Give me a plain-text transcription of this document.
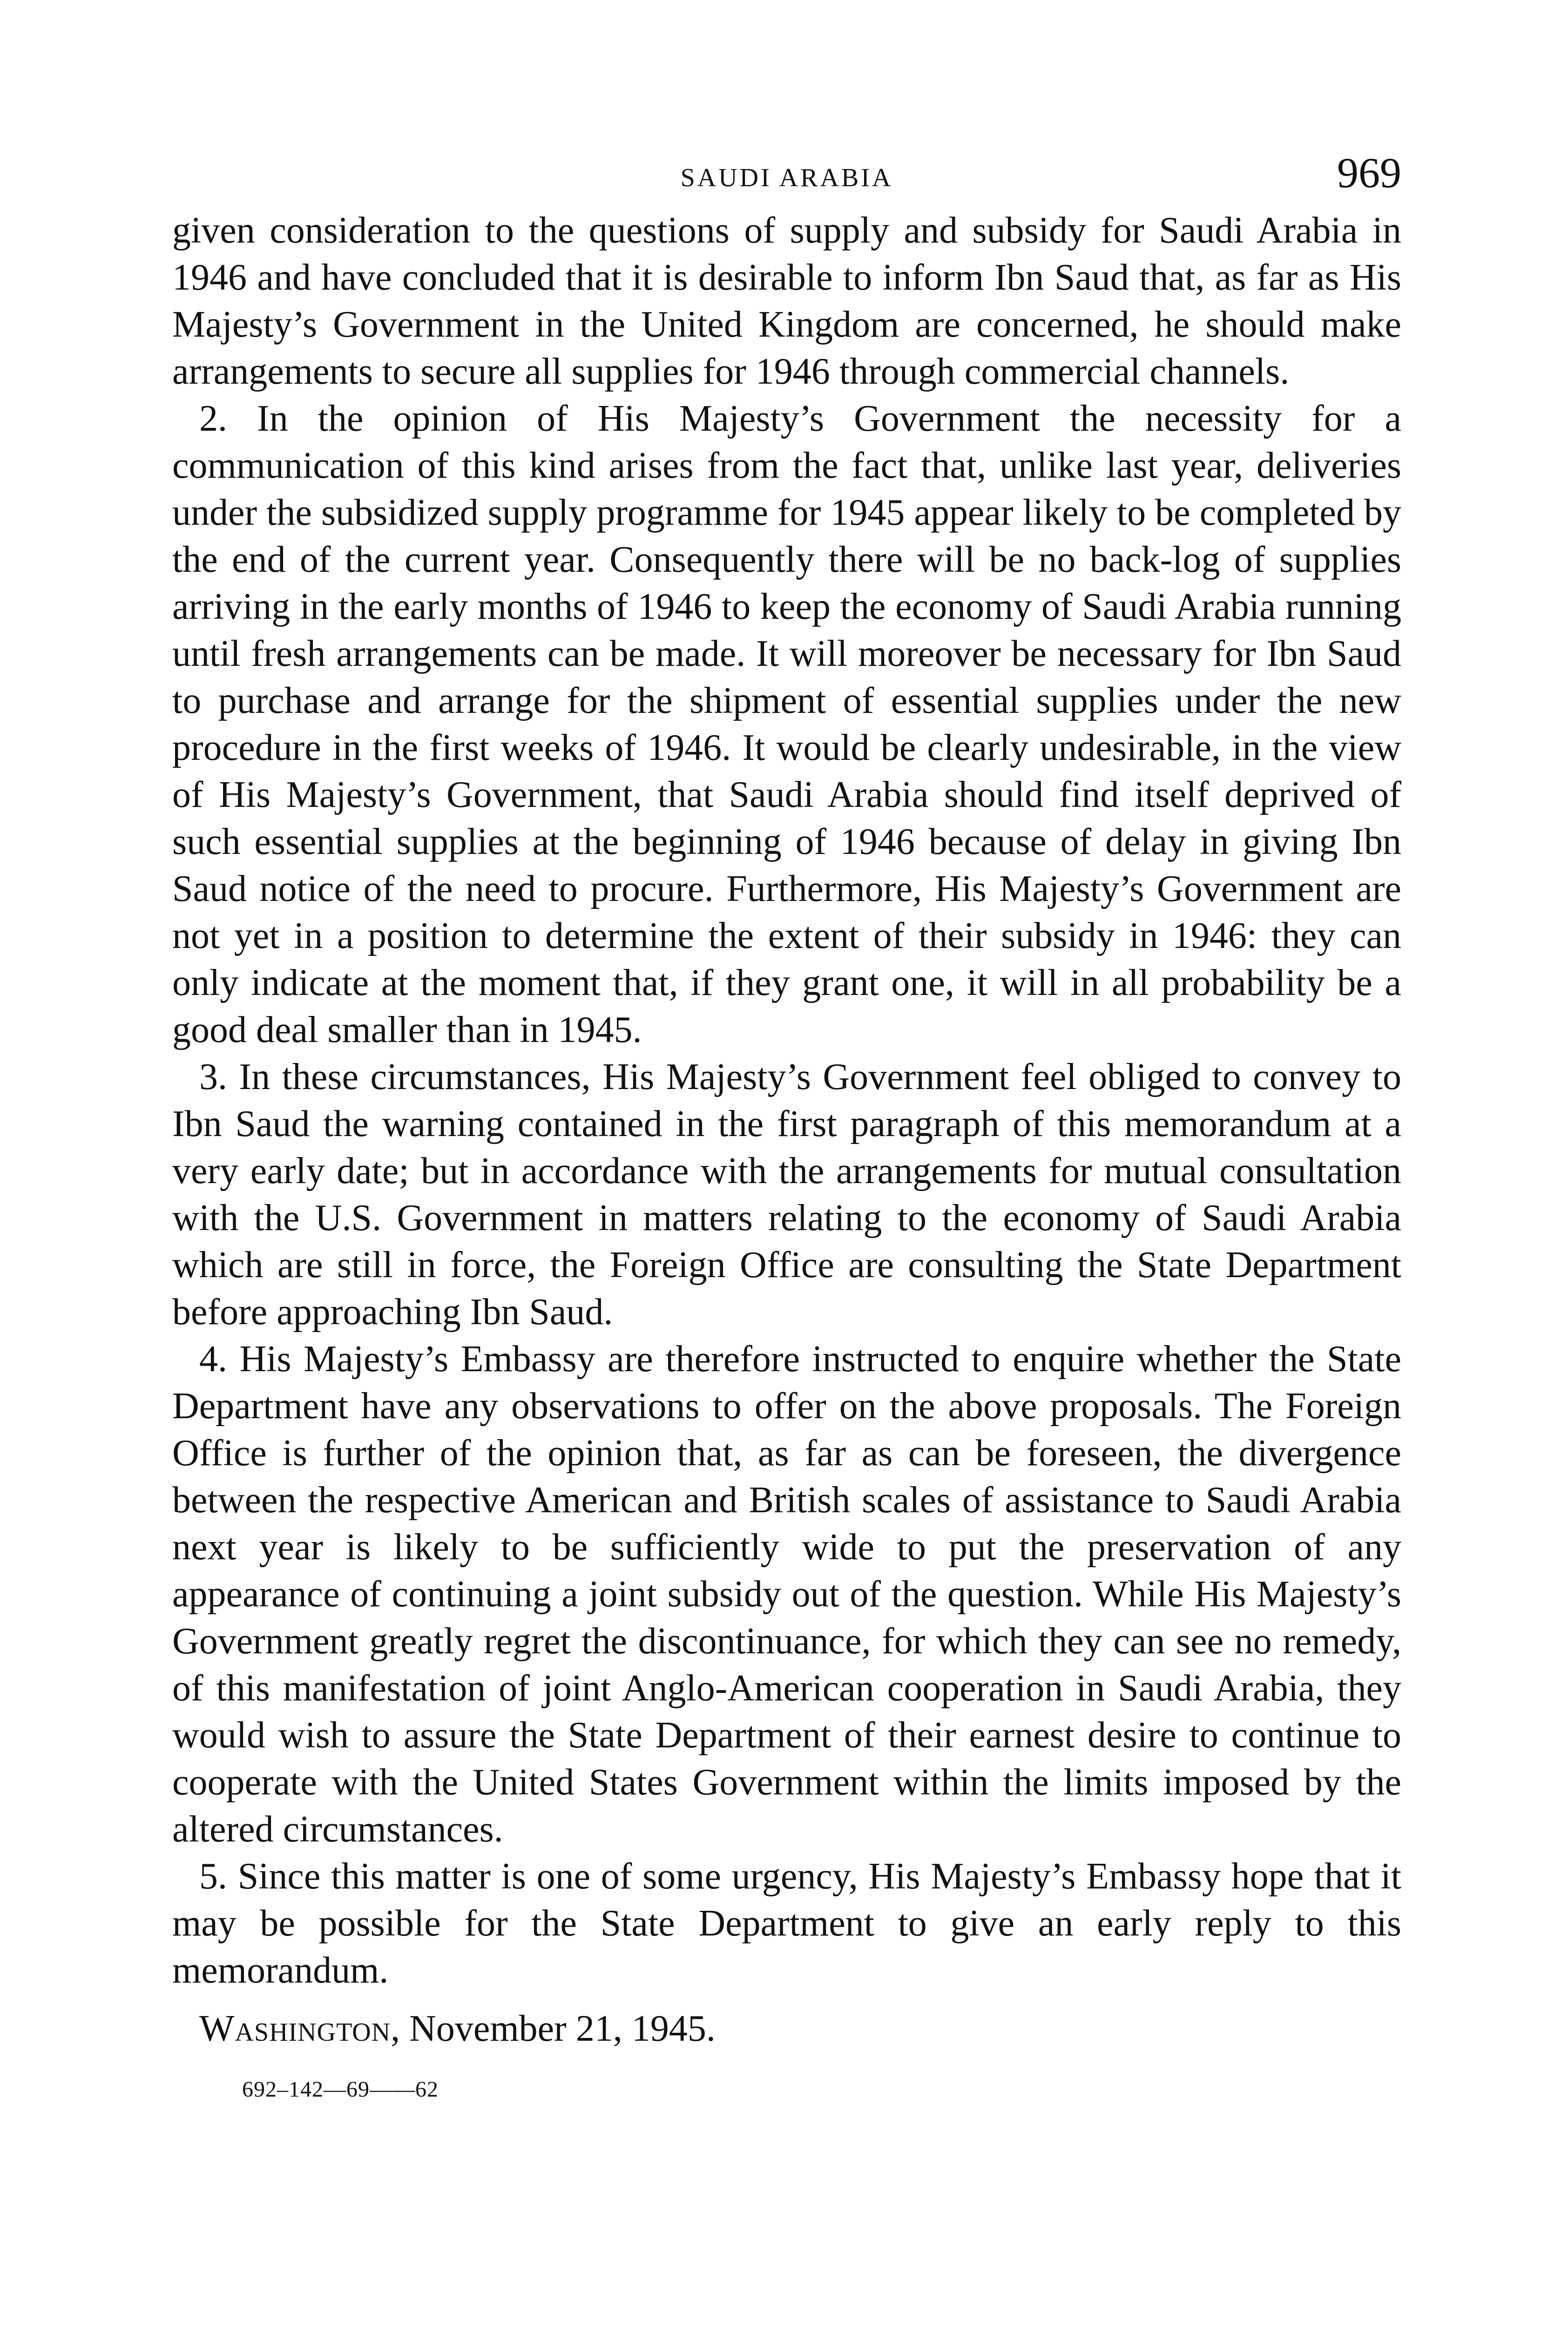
SAUDI ARABIA	969

given consideration to the questions of supply and subsidy for Saudi Arabia in 1946 and have concluded that it is desirable to inform Ibn Saud that, as far as His Majesty’s Government in the United Kingdom are concerned, he should make arrangements to secure all supplies for 1946 through commercial channels.

2. In the opinion of His Majesty’s Government the necessity for a communication of this kind arises from the fact that, unlike last year, deliveries under the subsidized supply programme for 1945 appear likely to be completed by the end of the current year. Consequently there will be no back-log of supplies arriving in the early months of 1946 to keep the economy of Saudi Arabia running until fresh arrangements can be made. It will moreover be necessary for Ibn Saud to purchase and arrange for the shipment of essential supplies under the new procedure in the first weeks of 1946. It would be clearly undesirable, in the view of His Majesty’s Government, that Saudi Arabia should find itself deprived of such essential supplies at the beginning of 1946 because of delay in giving Ibn Saud notice of the need to procure. Furthermore, His Majesty’s Government are not yet in a position to determine the extent of their subsidy in 1946: they can only indicate at the moment that, if they grant one, it will in all probability be a good deal smaller than in 1945.

3. In these circumstances, His Majesty’s Government feel obliged to convey to Ibn Saud the warning contained in the first paragraph of this memorandum at a very early date; but in accordance with the arrangements for mutual consultation with the U.S. Government in matters relating to the economy of Saudi Arabia which are still in force, the Foreign Office are consulting the State Department before approaching Ibn Saud.

4. His Majesty’s Embassy are therefore instructed to enquire whether the State Department have any observations to offer on the above proposals. The Foreign Office is further of the opinion that, as far as can be foreseen, the divergence between the respective American and British scales of assistance to Saudi Arabia next year is likely to be sufficiently wide to put the preservation of any appearance of continuing a joint subsidy out of the question. While His Majesty’s Government greatly regret the discontinuance, for which they can see no remedy, of this manifestation of joint Anglo-American cooperation in Saudi Arabia, they would wish to assure the State Department of their earnest desire to continue to cooperate with the United States Government within the limits imposed by the altered circumstances.

5. Since this matter is one of some urgency, His Majesty’s Embassy hope that it may be possible for the State Department to give an early reply to this memorandum.

Washington, November 21, 1945.
692–142—69——62
